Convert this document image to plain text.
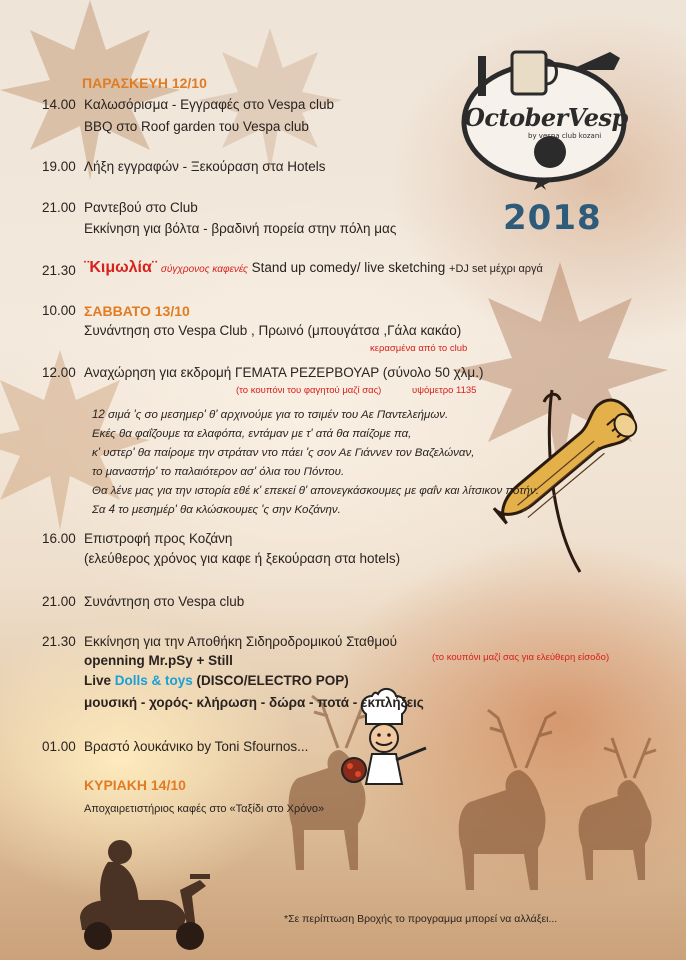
OctoberVesp
by vespa club kozani
2018
ΠΑΡΑΣΚΕΥΗ 12/10
14.00 Καλωσόρισμα - Εγγραφές στο Vespa club
BBQ στο Roof garden του Vespa club
19.00 Λήξη εγγραφών - Ξεκούραση στα Hotels
21.00 Ραντεβού στο Club
Εκκίνηση για βόλτα - βραδινή πορεία στην πόλη μας
21.30 ¨Κιμωλία¨ σύγχρονος καφενές Stand up comedy/ live sketching +DJ set μέχρι αργά
10.00 ΣΑΒΒΑΤΟ 13/10
Συνάντηση στο Vespa Club , Πρωινό (μπουγάτσα ,Γάλα κακάο)
κερασμένα από το club
12.00 Αναχώρηση για εκδρομή ΓΕΜΑΤΑ ΡΕΖΕΡΒΟΥΑΡ (σύνολο 50 χλμ.)
(το κουπόνι του φαγητού μαζί σας)	υψόμετρο 1135
12 σιμά 'ς σο μεσημερ' θ' αρχινούμε για το τσιμέν του Αε Παντελεήμων.
Εκές θα φαΐζουμε τα ελαφόπα, εντάμαν με τ' ατά θα παίζομε πα,
κ' υστερ' θα παίρομε την στράταν ντο πάει 'ς σον Αε Γιάννεν τον Βαζελώναν,
το μαναστήρ' το παλαιότερον ασ' όλια του Πόντου.
Θα λένε μας για την ιστορία εθέ κ' επεκεί θ' απονεγκάσκουμες με φαΐν και λίτσικον ποτήν.
Σα 4 το μεσημέρ' θα κλώσκουμες 'ς σην Κοζάνην.
16.00 Επιστροφή προς Κοζάνη
(ελεύθερος χρόνος για καφε ή ξεκούραση στα hotels)
21.00 Συνάντηση στο Vespa club
21.30 Εκκίνηση για την Αποθήκη Σιδηροδρομικού Σταθμού
(το κουπόνι μαζί σας για ελεύθερη είσοδο)
openning Mr.pSy + Still
Live Dolls & toys (DISCO/ELECTRO POP)
μουσική - χορός- κλήρωση - δώρα - ποτά - εκπλήξεις
01.00 Βραστό λουκάνικο by Toni Sfournos...
ΚΥΡΙΑΚΗ 14/10
Αποχαιρετιστήριος καφές στο «Ταξίδι στο Χρόνο»
*Σε περίπτωση Βροχής το προγραμμα μπορεί να αλλάξει...
